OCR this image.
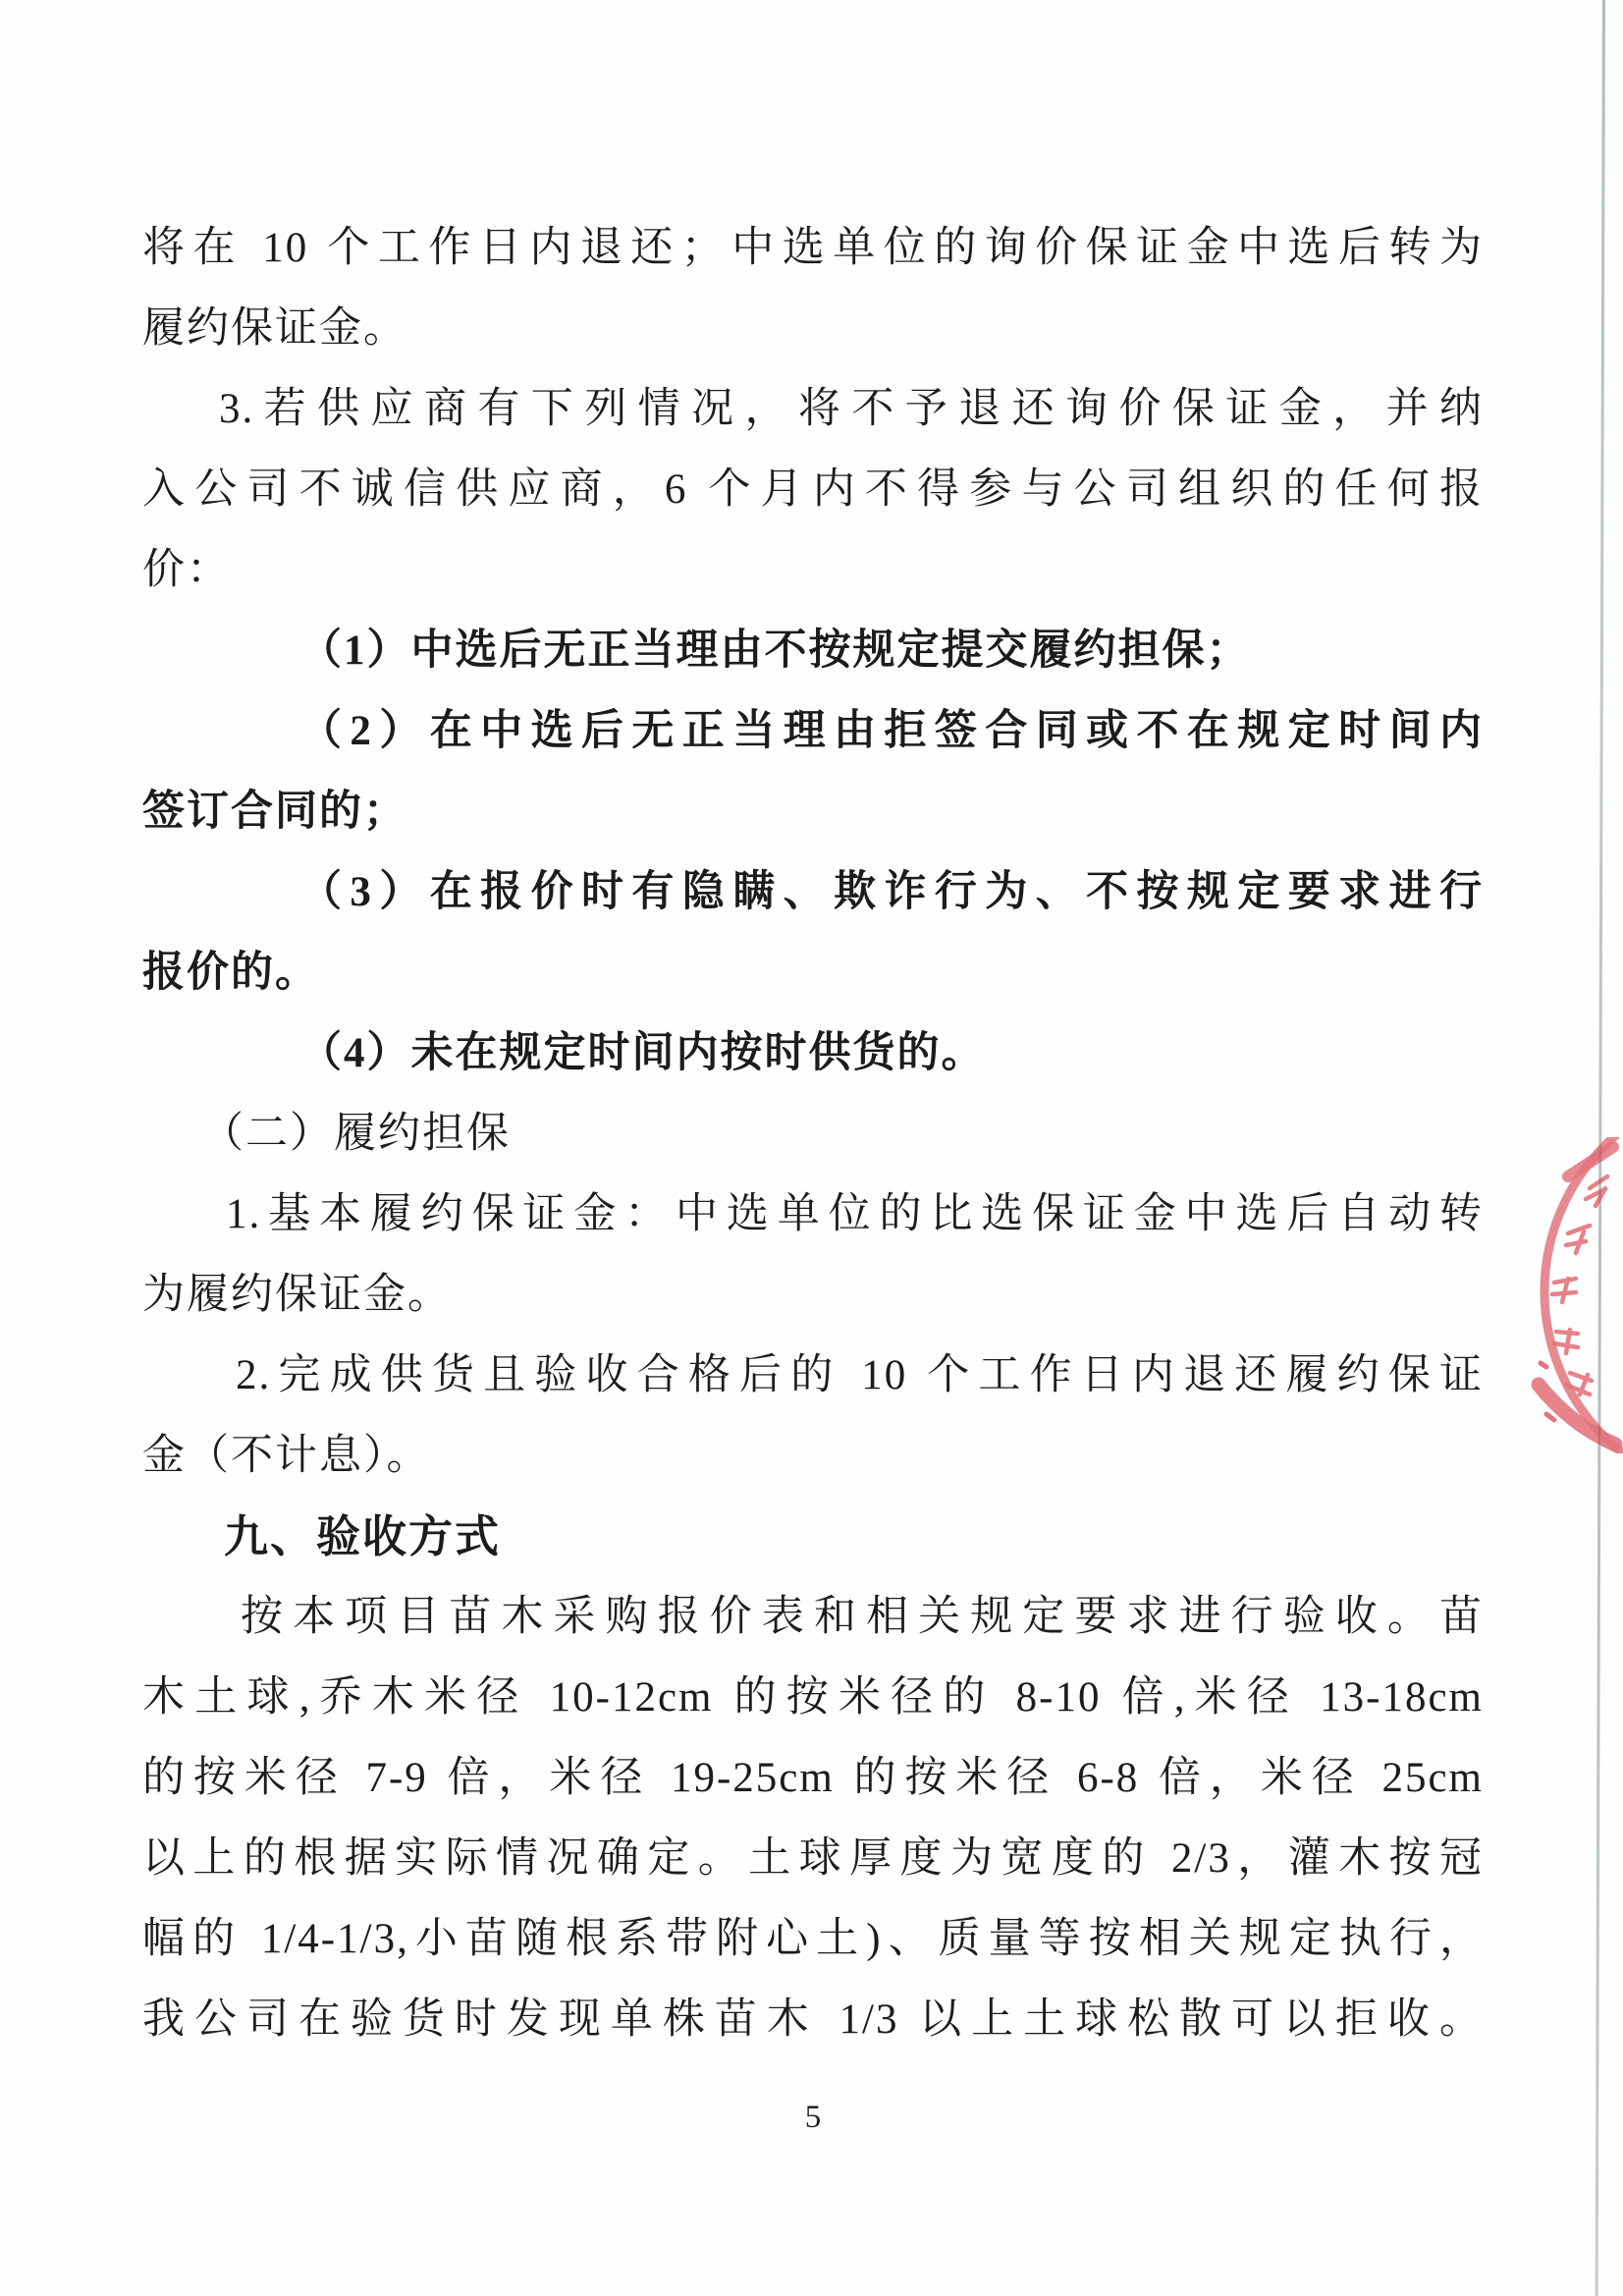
将在 10 个工作日内退还；中选单位的询价保证金中选后转为
履约保证金。
3.若供应商有下列情况，将不予退还询价保证金，并纳
入公司不诚信供应商，6 个月内不得参与公司组织的任何报
价：
（1）中选后无正当理由不按规定提交履约担保；
（2）在中选后无正当理由拒签合同或不在规定时间内
签订合同的；
（3）在报价时有隐瞒、欺诈行为、不按规定要求进行
报价的。
（4）未在规定时间内按时供货的。
（二）履约担保
1.基本履约保证金：中选单位的比选保证金中选后自动转
为履约保证金。
2.完成供货且验收合格后的 10 个工作日内退还履约保证
金（不计息）。
九、验收方式
按本项目苗木采购报价表和相关规定要求进行验收。苗
木土球,乔木米径 10-12cm 的按米径的 8-10 倍,米径 13-18cm
的按米径 7-9 倍，米径 19-25cm 的按米径 6-8 倍，米径 25cm
以上的根据实际情况确定。土球厚度为宽度的 2/3，灌木按冠
幅的 1/4-1/3,小苗随根系带附心土)、质量等按相关规定执行，
我公司在验货时发现单株苗木 1/3 以上土球松散可以拒收。
5
